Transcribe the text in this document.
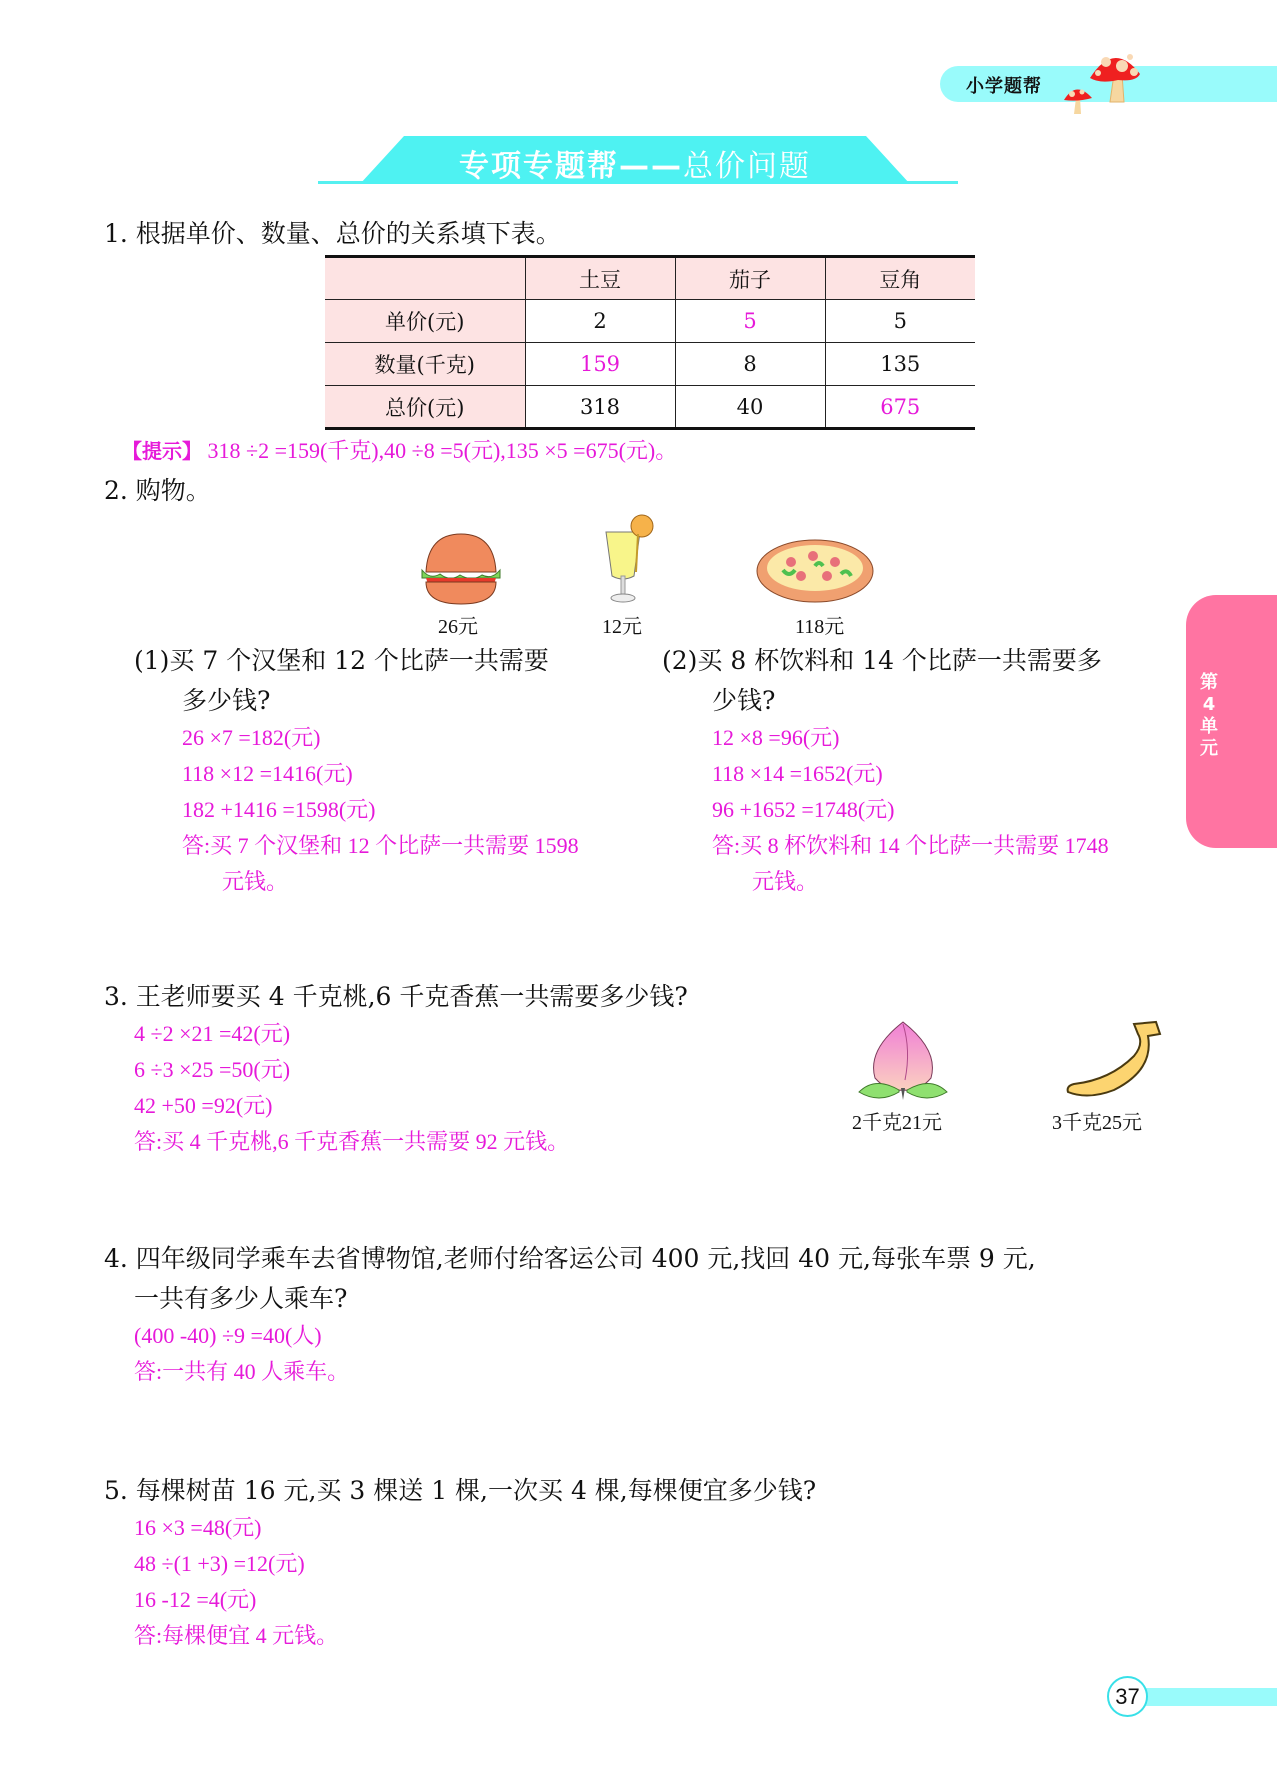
小学题帮
专项专题帮——总价问题
1. 根据单价、数量、总价的关系填下表。
	土豆	茄子	豆角
单价(元)	2	5	5
数量(千克)	159	8	135
总价(元)	318	40	675
【提示】 318 ÷2 =159(千克),40 ÷8 =5(元),135 ×5 =675(元)。
2. 购物。
26元	12元	118元
(1)买 7 个汉堡和 12 个比萨一共需要
多少钱?
26 ×7 =182(元)
118 ×12 =1416(元)
182 +1416 =1598(元)
答:买 7 个汉堡和 12 个比萨一共需要 1598
元钱。
(2)买 8 杯饮料和 14 个比萨一共需要多
少钱?
12 ×8 =96(元)
118 ×14 =1652(元)
96 +1652 =1748(元)
答:买 8 杯饮料和 14 个比萨一共需要 1748
元钱。
第
4
单
元
3. 王老师要买 4 千克桃,6 千克香蕉一共需要多少钱?
4 ÷2 ×21 =42(元)
6 ÷3 ×25 =50(元)
42 +50 =92(元)
答:买 4 千克桃,6 千克香蕉一共需要 92 元钱。
2千克21元	3千克25元
4. 四年级同学乘车去省博物馆,老师付给客运公司 400 元,找回 40 元,每张车票 9 元,
一共有多少人乘车?
(400 -40) ÷9 =40(人)
答:一共有 40 人乘车。
5. 每棵树苗 16 元,买 3 棵送 1 棵,一次买 4 棵,每棵便宜多少钱?
16 ×3 =48(元)
48 ÷(1 +3) =12(元)
16 -12 =4(元)
答:每棵便宜 4 元钱。
37
